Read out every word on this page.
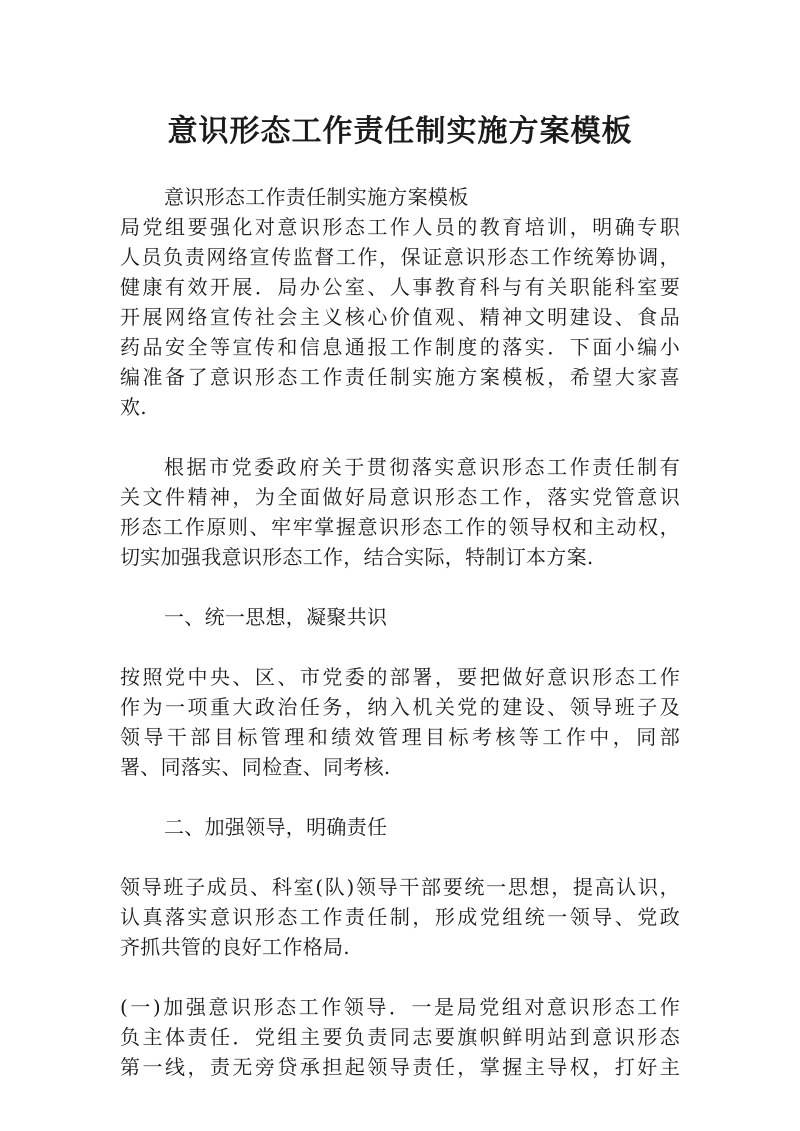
意识形态工作责任制实施方案模板

意识形态工作责任制实施方案模板

局党组要强化对意识形态工作人员的教育培训，明确专职

人员负责网络宣传监督工作，保证意识形态工作统筹协调，

健康有效开展．局办公室、人事教育科与有关职能科室要

开展网络宣传社会主义核心价值观、精神文明建设、食品

药品安全等宣传和信息通报工作制度的落实．下面小编小

编准备了意识形态工作责任制实施方案模板，希望大家喜

欢.

根据市党委政府关于贯彻落实意识形态工作责任制有

关文件精神，为全面做好局意识形态工作，落实党管意识

形态工作原则、牢牢掌握意识形态工作的领导权和主动权，

切实加强我意识形态工作，结合实际，特制订本方案.

一、统一思想，凝聚共识

按照党中央、区、市党委的部署，要把做好意识形态工作

作为一项重大政治任务，纳入机关党的建设、领导班子及

领导干部目标管理和绩效管理目标考核等工作中，同部

署、同落实、同检查、同考核.

二、加强领导，明确责任

领导班子成员、科室(队)领导干部要统一思想，提高认识，

认真落实意识形态工作责任制，形成党组统一领导、党政

齐抓共管的良好工作格局.

(一)加强意识形态工作领导．一是局党组对意识形态工作

负主体责任．党组主要负责同志要旗帜鲜明站到意识形态

第一线，责无旁贷承担起领导责任，掌握主导权，打好主
